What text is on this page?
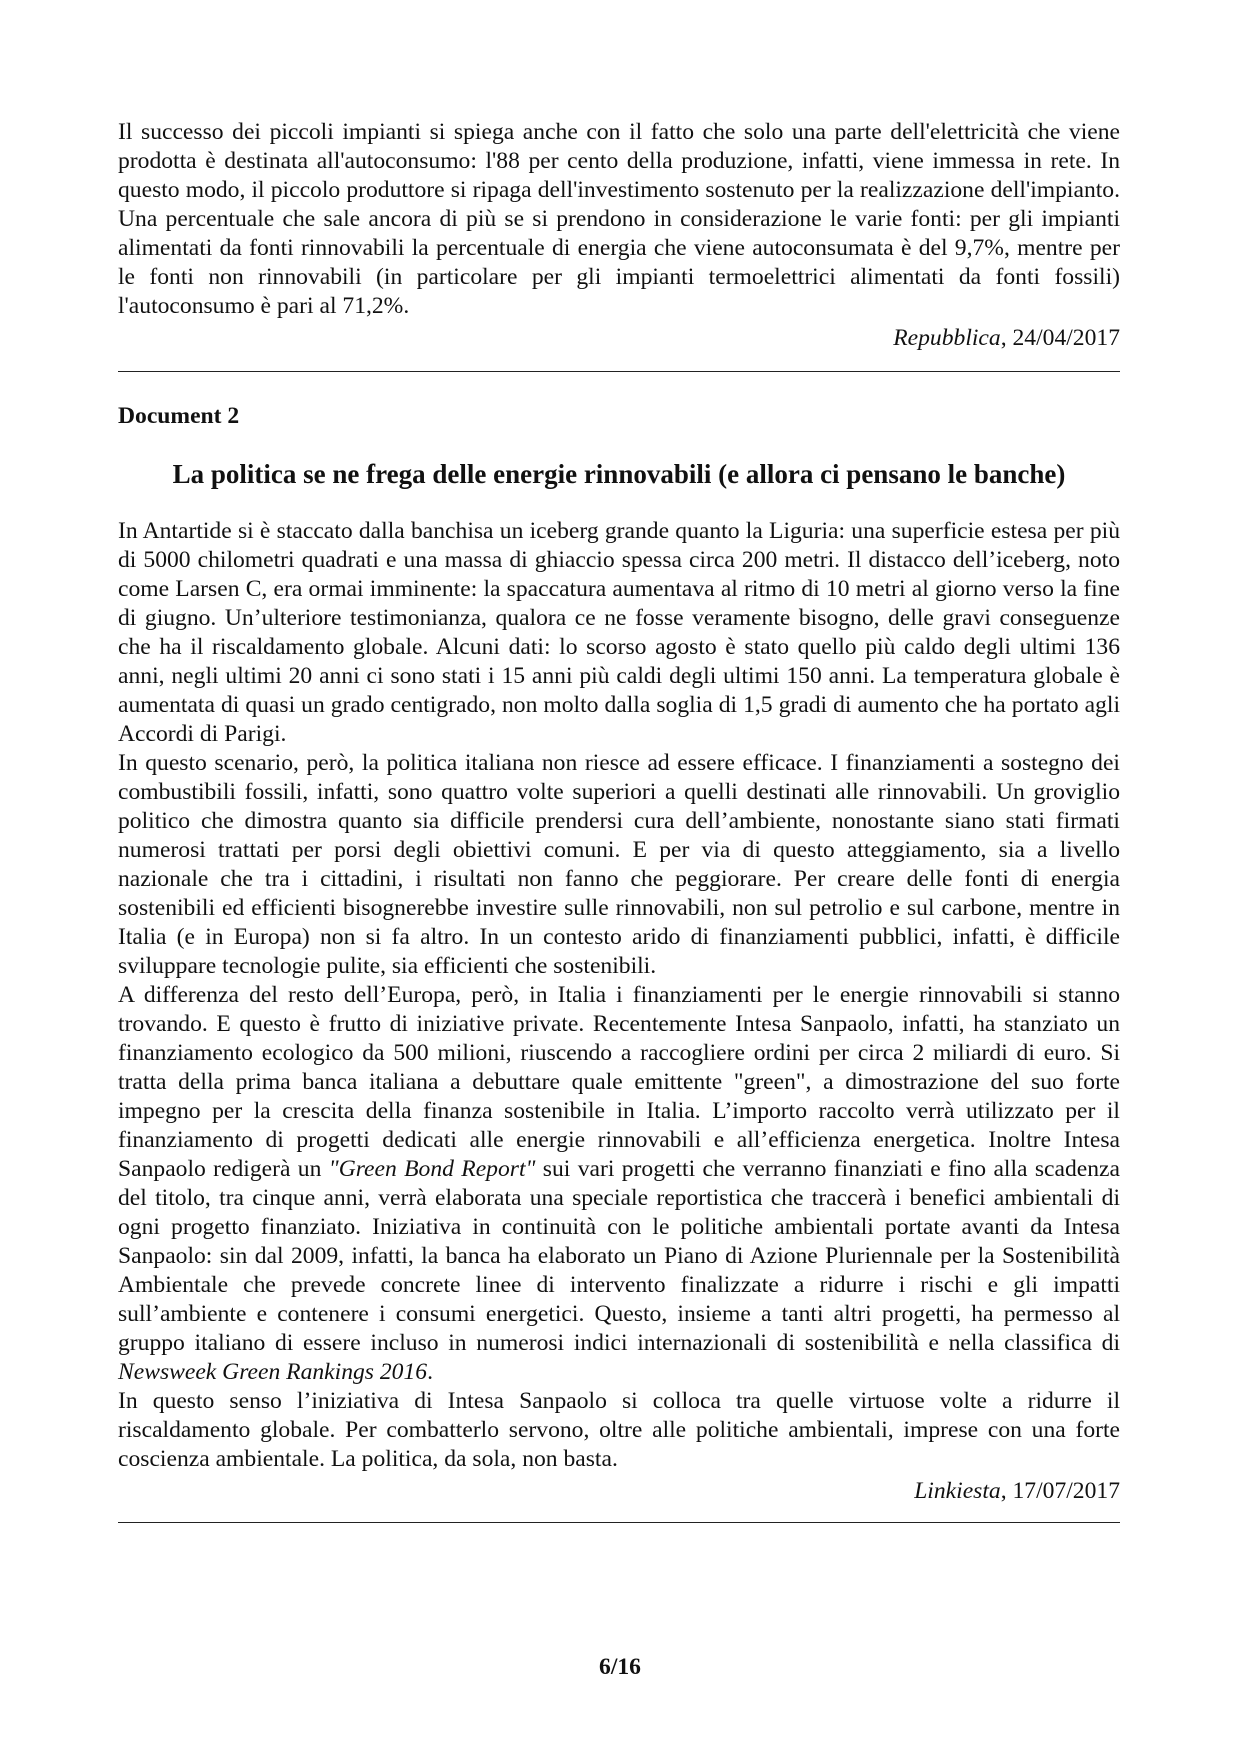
Il successo dei piccoli impianti si spiega anche con il fatto che solo una parte dell'elettricità che viene prodotta è destinata all'autoconsumo: l'88 per cento della produzione, infatti, viene immessa in rete. In questo modo, il piccolo produttore si ripaga dell'investimento sostenuto per la realizzazione dell'impianto. Una percentuale che sale ancora di più se si prendono in considerazione le varie fonti: per gli impianti alimentati da fonti rinnovabili la percentuale di energia che viene autoconsumata è del 9,7%, mentre per le fonti non rinnovabili (in particolare per gli impianti termoelettrici alimentati da fonti fossili) l'autoconsumo è pari al 71,2%.

Repubblica, 24/04/2017
Document 2
La politica se ne frega delle energie rinnovabili (e allora ci pensano le banche)

In Antartide si è staccato dalla banchisa un iceberg grande quanto la Liguria: una superficie estesa per più di 5000 chilometri quadrati e una massa di ghiaccio spessa circa 200 metri. Il distacco dell’iceberg, noto come Larsen C, era ormai imminente: la spaccatura aumentava al ritmo di 10 metri al giorno verso la fine di giugno. Un’ulteriore testimonianza, qualora ce ne fosse veramente bisogno, delle gravi conseguenze che ha il riscaldamento globale. Alcuni dati: lo scorso agosto è stato quello più caldo degli ultimi 136 anni, negli ultimi 20 anni ci sono stati i 15 anni più caldi degli ultimi 150 anni. La temperatura globale è aumentata di quasi un grado centigrado, non molto dalla soglia di 1,5 gradi di aumento che ha portato agli Accordi di Parigi.

In questo scenario, però, la politica italiana non riesce ad essere efficace. I finanziamenti a sostegno dei combustibili fossili, infatti, sono quattro volte superiori a quelli destinati alle rinnovabili. Un groviglio politico che dimostra quanto sia difficile prendersi cura dell’ambiente, nonostante siano stati firmati numerosi trattati per porsi degli obiettivi comuni. E per via di questo atteggiamento, sia a livello nazionale che tra i cittadini, i risultati non fanno che peggiorare. Per creare delle fonti di energia sostenibili ed efficienti bisognerebbe investire sulle rinnovabili, non sul petrolio e sul carbone, mentre in Italia (e in Europa) non si fa altro. In un contesto arido di finanziamenti pubblici, infatti, è difficile sviluppare tecnologie pulite, sia efficienti che sostenibili.

A differenza del resto dell’Europa, però, in Italia i finanziamenti per le energie rinnovabili si stanno trovando. E questo è frutto di iniziative private. Recentemente Intesa Sanpaolo, infatti, ha stanziato un finanziamento ecologico da 500 milioni, riuscendo a raccogliere ordini per circa 2 miliardi di euro. Si tratta della prima banca italiana a debuttare quale emittente "green", a dimostrazione del suo forte impegno per la crescita della finanza sostenibile in Italia. L’importo raccolto verrà utilizzato per il finanziamento di progetti dedicati alle energie rinnovabili e all’efficienza energetica. Inoltre Intesa Sanpaolo redigerà un "Green Bond Report" sui vari progetti che verranno finanziati e fino alla scadenza del titolo, tra cinque anni, verrà elaborata una speciale reportistica che traccerà i benefici ambientali di ogni progetto finanziato. Iniziativa in continuità con le politiche ambientali portate avanti da Intesa Sanpaolo: sin dal 2009, infatti, la banca ha elaborato un Piano di Azione Pluriennale per la Sostenibilità Ambientale che prevede concrete linee di intervento finalizzate a ridurre i rischi e gli impatti sull’ambiente e contenere i consumi energetici. Questo, insieme a tanti altri progetti, ha permesso al gruppo italiano di essere incluso in numerosi indici internazionali di sostenibilità e nella classifica di Newsweek Green Rankings 2016.

In questo senso l’iniziativa di Intesa Sanpaolo si colloca tra quelle virtuose volte a ridurre il riscaldamento globale. Per combatterlo servono, oltre alle politiche ambientali, imprese con una forte coscienza ambientale. La politica, da sola, non basta.

Linkiesta, 17/07/2017
6/16
